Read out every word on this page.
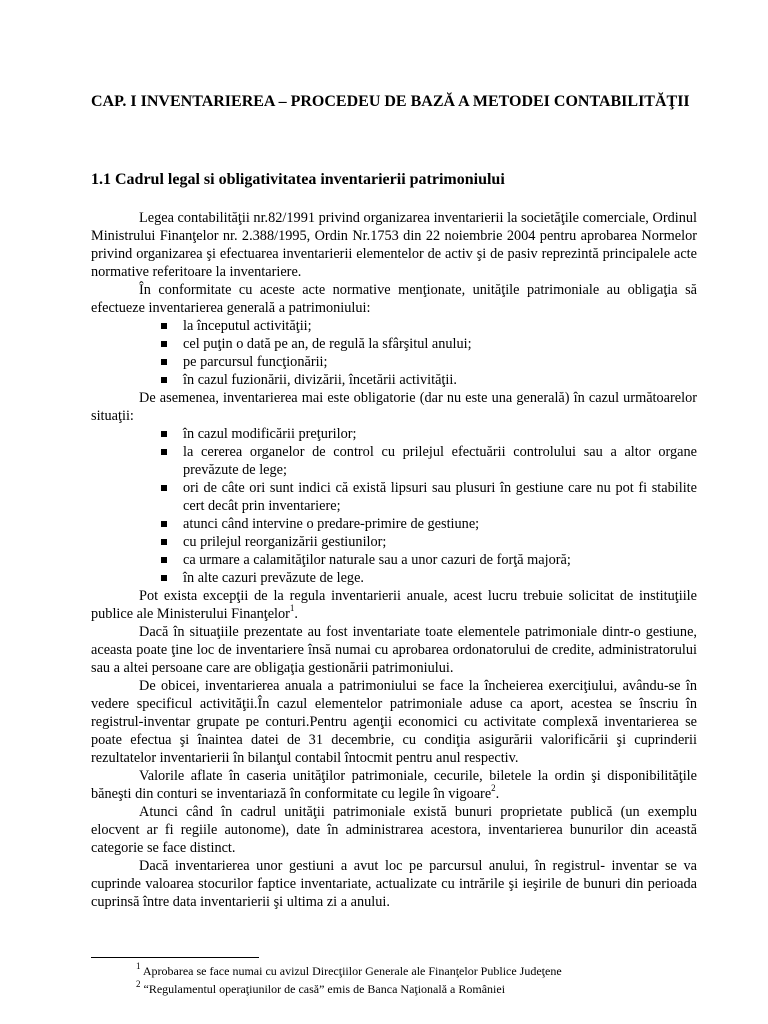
CAP. I INVENTARIEREA – PROCEDEU DE BAZĂ A METODEI CONTABILITĂŢII
1.1 Cadrul legal si obligativitatea inventarierii patrimoniului

Legea contabilităţii nr.82/1991 privind organizarea inventarierii la societăţile comerciale, Ordinul Ministrului Finanţelor nr. 2.388/1995, Ordin Nr.1753 din 22 noiembrie 2004 pentru aprobarea Normelor privind organizarea şi efectuarea inventarierii elementelor de activ şi de pasiv reprezintă principalele acte normative referitoare la inventariere.

În conformitate cu aceste acte normative menţionate, unităţile patrimoniale au obligaţia să efectueze inventarierea generală a patrimoniului:

la începutul activităţii;
cel puţin o dată pe an, de regulă la sfârşitul anului;
pe parcursul funcţionării;
în cazul fuzionării, divizării, încetării activităţii.

De asemenea, inventarierea mai este obligatorie (dar nu este una generală) în cazul următoarelor situaţii:

în cazul modificării preţurilor;
la cererea organelor de control cu prilejul efectuării controlului sau a altor organe prevăzute de lege;
ori de câte ori sunt indici că există lipsuri sau plusuri în gestiune care nu pot fi stabilite cert decât prin inventariere;
atunci când intervine o predare-primire de gestiune;
cu prilejul reorganizării gestiunilor;
ca urmare a calamităţilor naturale sau a unor cazuri de forţă majoră;
în alte cazuri prevăzute de lege.

Pot exista excepţii de la regula inventarierii anuale, acest lucru trebuie solicitat de instituţiile publice ale Ministerului Finanţelor$^1$.

Dacă în situaţiile prezentate au fost inventariate toate elementele patrimoniale dintr-o gestiune, aceasta poate ţine loc de inventariere însă numai cu aprobarea ordonatorului de credite, administratorului sau a altei persoane care are obligaţia gestionării patrimoniului.

De obicei, inventarierea anuala a patrimoniului se face la încheierea exerciţiului, avându-se în vedere specificul activităţii.În cazul elementelor patrimoniale aduse ca aport, acestea se înscriu în registrul-inventar grupate pe conturi.Pentru agenţii economici cu activitate complexă inventarierea se poate efectua şi înaintea datei de 31 decembrie, cu condiţia asigurării valorificării şi cuprinderii rezultatelor inventarierii în bilanţul contabil întocmit pentru anul respectiv.

Valorile aflate în caseria unităţilor patrimoniale, cecurile, biletele la ordin şi disponibilităţile băneşti din conturi se inventariază în conformitate cu legile în vigoare$^2$.

Atunci când în cadrul unităţii patrimoniale există bunuri proprietate publică (un exemplu elocvent ar fi regiile autonome), date în administrarea acestora, inventarierea bunurilor din această categorie se face distinct.

Dacă inventarierea unor gestiuni a avut loc pe parcursul anului, în registrul- inventar se va cuprinde valoarea stocurilor faptice inventariate, actualizate cu intrările şi ieşirile de bunuri din perioada cuprinsă între data inventarierii şi ultima zi a anului.

$^1$ Aprobarea se face numai cu avizul Direcţiilor Generale ale Finanţelor Publice Judeţene
$^2$ “Regulamentul operaţiunilor de casă” emis de Banca Naţională a României
